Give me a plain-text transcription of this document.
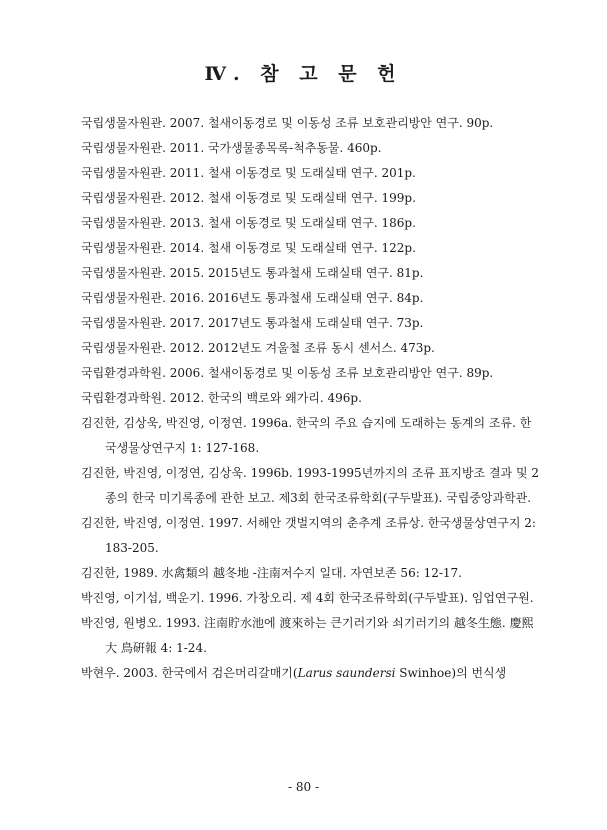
Ⅳ. 참 고 문 헌

국립생물자원관. 2007. 철새이동경로 및 이동성 조류 보호관리방안 연구. 90p.

국립생물자원관. 2011. 국가생물종목록-척추동물. 460p.

국립생물자원관. 2011. 철새 이동경로 및 도래실태 연구. 201p.

국립생물자원관. 2012. 철새 이동경로 및 도래실태 연구. 199p.

국립생물자원관. 2013. 철새 이동경로 및 도래실태 연구. 186p.

국립생물자원관. 2014. 철새 이동경로 및 도래실태 연구. 122p.

국립생물자원관. 2015. 2015년도 통과철새 도래실태 연구. 81p.

국립생물자원관. 2016. 2016년도 통과철새 도래실태 연구. 84p.

국립생물자원관. 2017. 2017년도 통과철새 도래실태 연구. 73p.

국립생물자원관. 2012. 2012년도 겨울철 조류 동시 센서스. 473p.

국립환경과학원. 2006. 철새이동경로 및 이동성 조류 보호관리방안 연구. 89p.

국립환경과학원. 2012. 한국의 백로와 왜가리. 496p.

김진한, 김상욱, 박진영, 이정연. 1996a. 한국의 주요 습지에 도래하는 동계의 조류. 한국생물상연구지 1: 127-168.

김진한, 박진영, 이정연, 김상욱. 1996b. 1993-1995년까지의 조류 표지방조 결과 및 2종의 한국 미기록종에 관한 보고. 제3회 한국조류학회(구두발표). 국립중앙과학관.

김진한, 박진영, 이정연. 1997. 서해안 갯벌지역의 춘추계 조류상. 한국생물상연구지 2: 183-205.

김진한, 1989. 水禽類의 越冬地 -注南저수지 일대. 자연보존 56: 12-17.

박진영, 이기섭, 백운기. 1996. 가창오리. 제 4회 한국조류학회(구두발표). 임업연구원.

박진영, 원병오. 1993. 注南貯水池에 渡來하는 큰기러기와 쇠기러기의 越冬生態. 慶熙大 鳥硏報 4: 1-24.

박현우. 2003. 한국에서 검은머리갈매기(Larus saundersi Swinhoe)의 번식생

- 80 -
